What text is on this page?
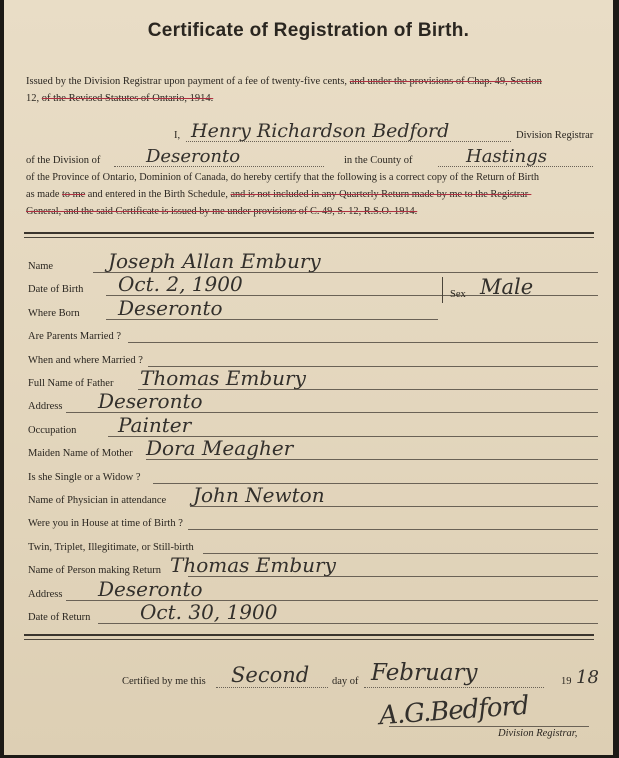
Certificate of Registration of Birth.
Issued by the Division Registrar upon payment of a fee of twenty-five cents, and under the provisions of Chap. 49, Section
12, of the Revised Statutes of Ontario, 1914.
I, Henry Richardson Bedford	Division Registrar
of the Division of	Deseronto	in the County of	Hastings
of the Province of Ontario, Dominion of Canada, do hereby certify that the following is a correct copy of the Return of Birth
as made to me and entered in the Birth Schedule, and is not included in any Quarterly Return made by me to the Registrar-
General, and the said Certificate is issued by me under provisions of C. 49, S. 12, R.S.O. 1914.
Name	Joseph Allan Embury
Date of Birth Oct. 2, 1900
Where Born Deseronto
Are Parents Married ?
When and where Married ?
Full Name of Father Thomas Embury
Address Deseronto
Occupation Painter
Maiden Name of Mother Dora Meagher
Is she Single or a Widow ?
Name of Physician in attendance John Newton
Were you in House at time of Birth ?
Twin, Triplet, Illegitimate, or Still-birth
Name of Person making Return Thomas Embury
Address Deseronto
Date of Return Oct. 30, 1900
Sex Male
Certified by me this Second day of February	19 18
A.G.Bedford
Division Registrar,
